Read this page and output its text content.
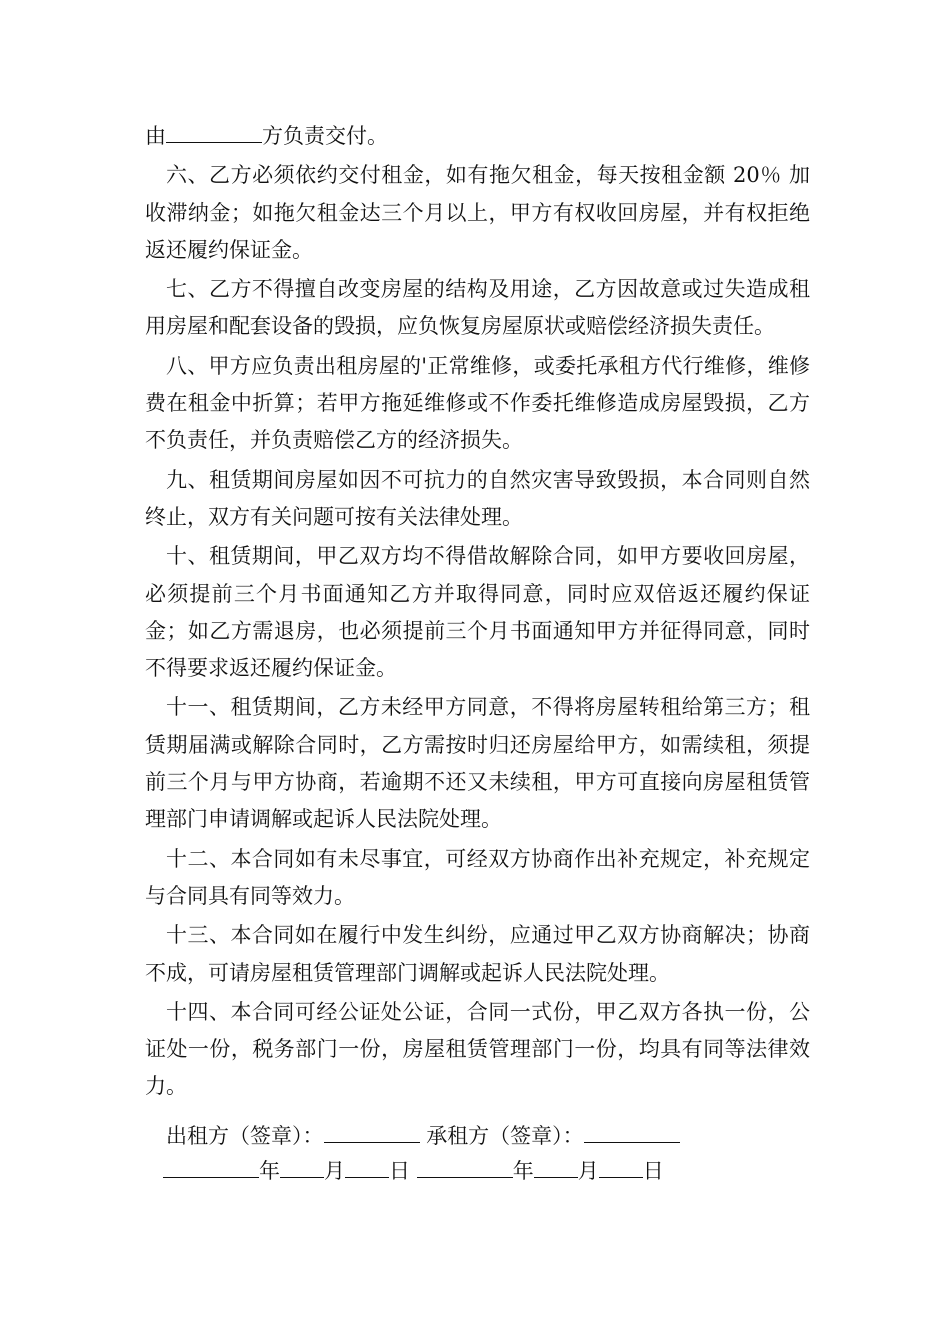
由	方负责交付。

六、乙方必须依约交付租金，如有拖欠租金，每天按租金额 20％ 加收滞纳金；如拖欠租金达三个月以上，甲方有权收回房屋，并有权拒绝返还履约保证金。

七、乙方不得擅自改变房屋的结构及用途，乙方因故意或过失造成租用房屋和配套设备的毁损，应负恢复房屋原状或赔偿经济损失责任。

八、甲方应负责出租房屋的'正常维修，或委托承租方代行维修，维修费在租金中折算；若甲方拖延维修或不作委托维修造成房屋毁损，乙方不负责任，并负责赔偿乙方的经济损失。

九、租赁期间房屋如因不可抗力的自然灾害导致毁损，本合同则自然终止，双方有关问题可按有关法律处理。

十、租赁期间，甲乙双方均不得借故解除合同，如甲方要收回房屋，必须提前三个月书面通知乙方并取得同意，同时应双倍返还履约保证金；如乙方需退房，也必须提前三个月书面通知甲方并征得同意，同时不得要求返还履约保证金。

十一、租赁期间，乙方未经甲方同意，不得将房屋转租给第三方；租赁期届满或解除合同时，乙方需按时归还房屋给甲方，如需续租，须提前三个月与甲方协商，若逾期不还又未续租，甲方可直接向房屋租赁管理部门申请调解或起诉人民法院处理。

十二、本合同如有未尽事宜，可经双方协商作出补充规定，补充规定与合同具有同等效力。

十三、本合同如在履行中发生纠纷，应通过甲乙双方协商解决；协商不成，可请房屋租赁管理部门调解或起诉人民法院处理。

十四、本合同可经公证处公证，合同一式份，甲乙双方各执一份，公证处一份，税务部门一份，房屋租赁管理部门一份，均具有同等法律效力。

出租方（签章）：	承租方（签章）：
年 月 日	年 月 日
